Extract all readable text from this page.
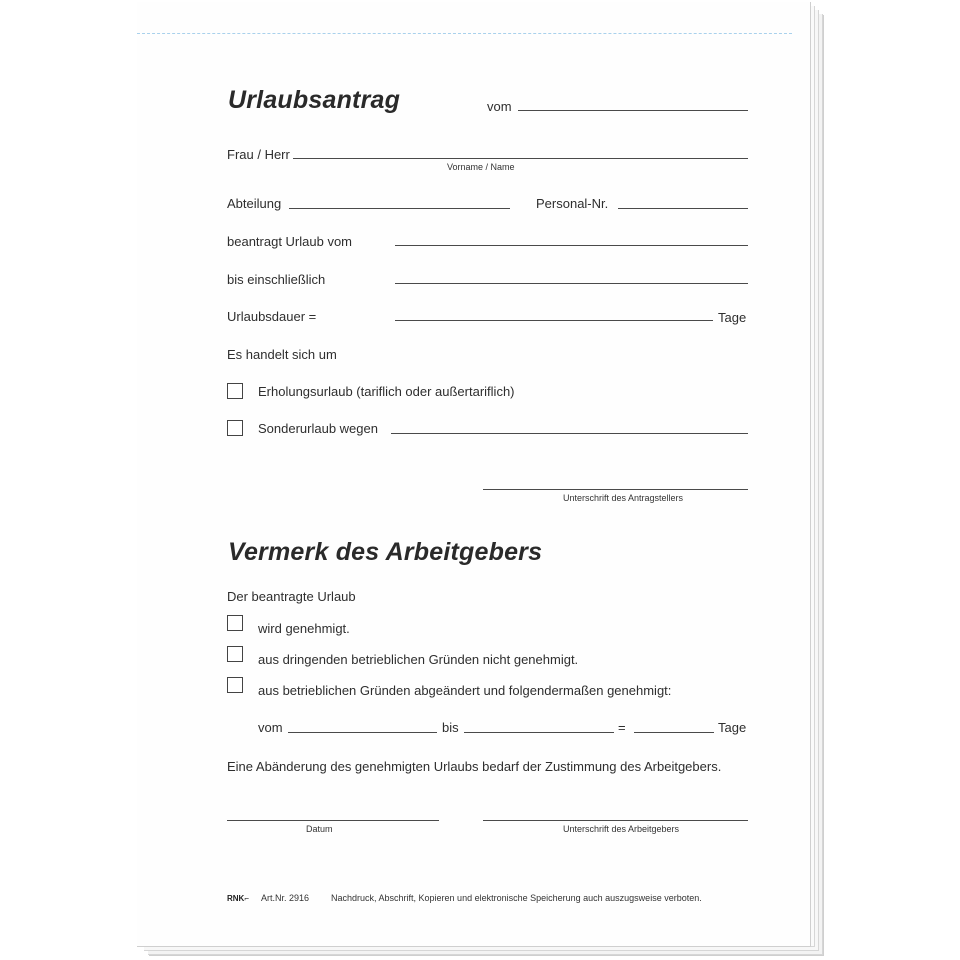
Urlaubsantrag	vom
Frau / Herr
Vorname / Name
Abteilung	Personal-Nr.
beantragt Urlaub vom
bis einschließlich
Urlaubsdauer =	Tage
Es handelt sich um
Erholungsurlaub (tariflich oder außertariflich)
Sonderurlaub wegen
Unterschrift des Antragstellers
Vermerk des Arbeitgebers
Der beantragte Urlaub
wird genehmigt.
aus dringenden betrieblichen Gründen nicht genehmigt.
aus betrieblichen Gründen abgeändert und folgendermaßen genehmigt:
vom	bis	=	Tage
Eine Abänderung des genehmigten Urlaubs bedarf der Zustimmung des Arbeitgebers.
Datum	Unterschrift des Arbeitgebers
RNK⌐ Art.Nr. 2916 Nachdruck, Abschrift, Kopieren und elektronische Speicherung auch auszugsweise verboten.
